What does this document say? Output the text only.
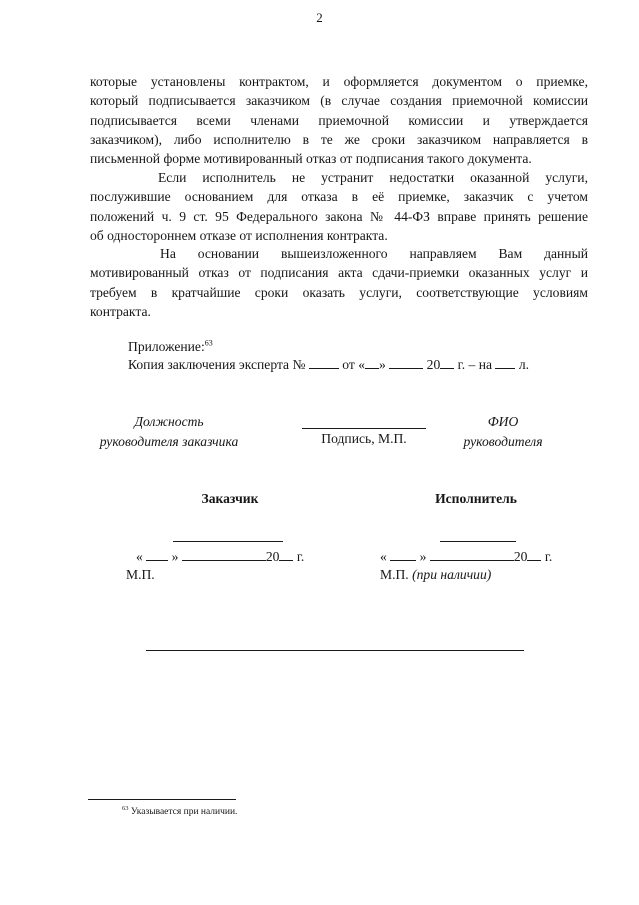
2
которые установлены контрактом, и оформляется документом о приемке,
который подписывается заказчиком (в случае создания приемочной комиссии
подписывается всеми членами приемочной комиссии и утверждается
заказчиком), либо исполнителю в те же сроки заказчиком направляется в
письменной форме мотивированный отказ от подписания такого документа.
Если исполнитель не устранит недостатки оказанной услуги,
послужившие основанием для отказа в её приемке, заказчик с учетом
положений ч. 9 ст. 95 Федерального закона № 44-ФЗ вправе принять решение
об одностороннем отказе от исполнения контракта.
На основании вышеизложенного направляем Вам данный
мотивированный отказ от подписания акта сдачи-приемки оказанных услуг и
требуем в кратчайшие сроки оказать услуги, соответствующие условиям
контракта.
Приложение:$^{63}$
Копия заключения эксперта №	от « »	20 г. – на л.
Должность
руководителя заказчика	Подпись, М.П.
ФИО
руководителя
Заказчик	Исполнитель
« »	20 г.	« »	20 г.
М.П.	М.П. (при наличии)
$^{63}$ Указывается при наличии.
